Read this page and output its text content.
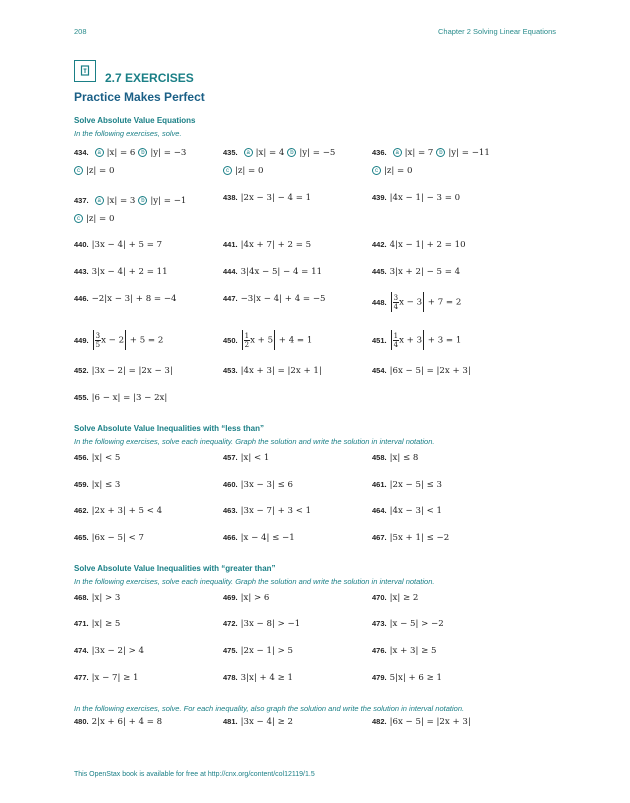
208	Chapter 2 Solving Linear Equations
2.7 EXERCISES
Practice Makes Perfect
Solve Absolute Value Equations
In the following exercises, solve.
434. a |x| = 6 b |y| = −3
c |z| = 0
435. a |x| = 4 b |y| = −5
c |z| = 0
436. a |x| = 7 b |y| = −11
c |z| = 0
437. a |x| = 3 b |y| = −1
c |z| = 0
438. |2x − 3| − 4 = 1	439. |4x − 1| − 3 = 0
440. |3x − 4| + 5 = 7	441. |4x + 7| + 2 = 5	442. 4|x − 1| + 2 = 10
443. 3|x − 4| + 2 = 11	444. 3|4x − 5| − 4 = 11	445. 3|x + 2| − 5 = 4
446. −2|x − 3| + 8 = −4	447. −3|x − 4| + 4 = −5	448. $\frac{3}{4}$ x − 3 + 7 = 2
449. $\frac{3}{5}$ x − 2 + 5 = 2	450. $\frac{1}{2}$ x + 5 + 4 = 1	451. $\frac{1}{4}$ x + 3 + 3 = 1
452. |3x − 2| = |2x − 3|	453. |4x + 3| = |2x + 1|	454. |6x − 5| = |2x + 3|
455. |6 − x| = |3 − 2x|
Solve Absolute Value Inequalities with “less than”
In the following exercises, solve each inequality. Graph the solution and write the solution in interval notation.
456. |x| < 5	457. |x| < 1	458. |x| ≤ 8
459. |x| ≤ 3	460. |3x − 3| ≤ 6	461. |2x − 5| ≤ 3
462. |2x + 3| + 5 < 4	463. |3x − 7| + 3 < 1	464. |4x − 3| < 1
465. |6x − 5| < 7	466. |x − 4| ≤ −1	467. |5x + 1| ≤ −2
Solve Absolute Value Inequalities with “greater than”
In the following exercises, solve each inequality. Graph the solution and write the solution in interval notation.
468. |x| > 3	469. |x| > 6	470. |x| ≥ 2
471. |x| ≥ 5	472. |3x − 8| > −1	473. |x − 5| > −2
474. |3x − 2| > 4	475. |2x − 1| > 5	476. |x + 3| ≥ 5
477. |x − 7| ≥ 1	478. 3|x| + 4 ≥ 1	479. 5|x| + 6 ≥ 1
In the following exercises, solve. For each inequality, also graph the solution and write the solution in interval notation.
480. 2|x + 6| + 4 = 8	481. |3x − 4| ≥ 2	482. |6x − 5| = |2x + 3|
This OpenStax book is available for free at http://cnx.org/content/col12119/1.5
